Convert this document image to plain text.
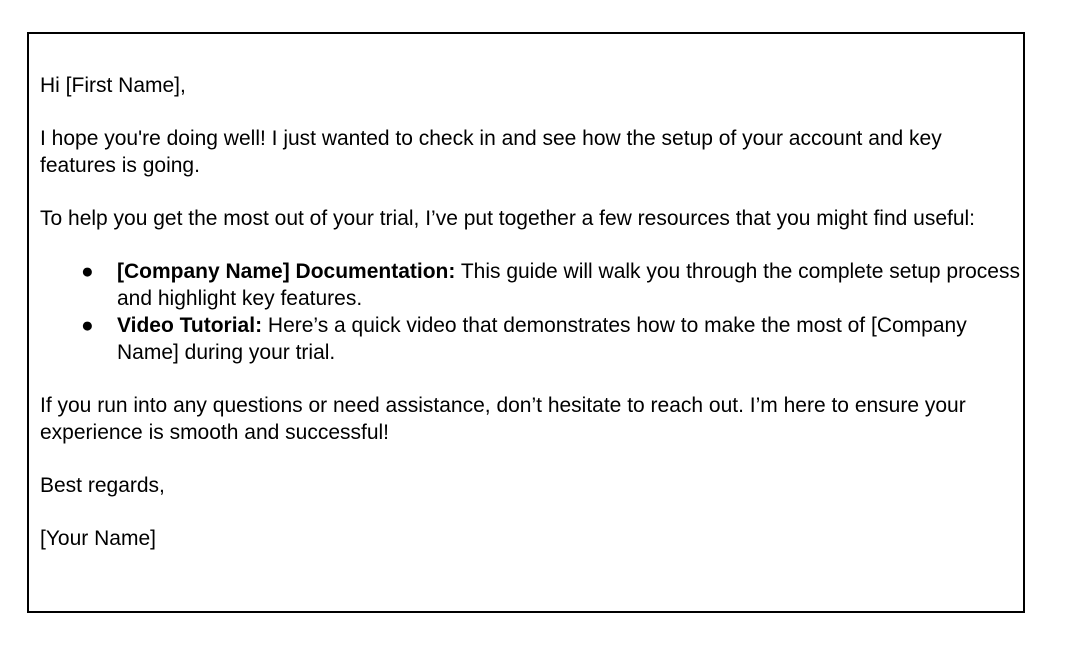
Hi [First Name],

I hope you're doing well! I just wanted to check in and see how the setup of your account and key features is going.

To help you get the most out of your trial, I’ve put together a few resources that you might find useful:

● [Company Name] Documentation: This guide will walk you through the complete setup process and highlight key features.
● Video Tutorial: Here’s a quick video that demonstrates how to make the most of [Company Name] during your trial.

If you run into any questions or need assistance, don’t hesitate to reach out. I’m here to ensure your experience is smooth and successful!

Best regards,

[Your Name]
